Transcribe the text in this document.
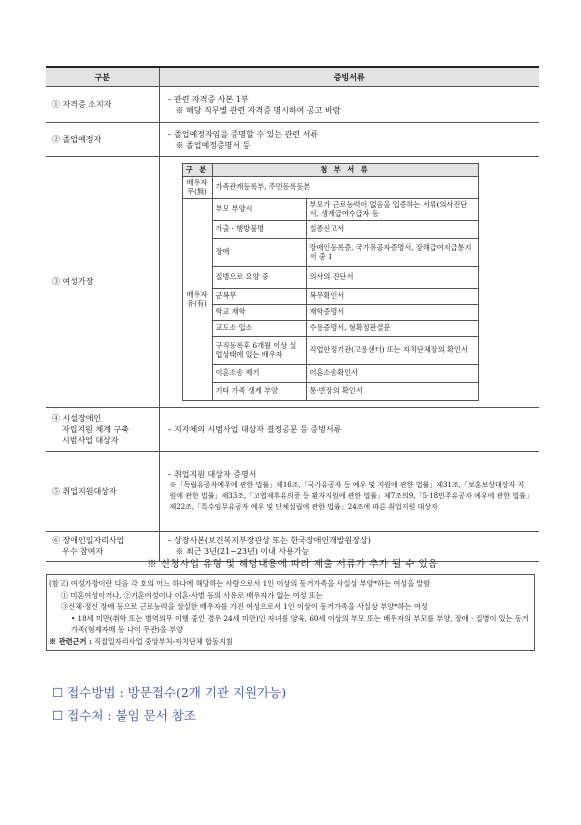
구분	증빙서류
① 자격증 소지자	
– 관련 자격증 사본 1부
※ 해당 직무별 관련 자격증 명시하여 공고 바람

② 졸업예정자	
– 졸업예정자임을 증명할 수 있는 관련 서류
※ 졸업예정증명서 등

③ 여성가장	
구 분	첨 부 서 류
배우자 무(無)	가족관계등록부, 주민등록등본
배우자 유(有)	부모 부양시	부모가 근로능력이 없음을 입증하는 서류(의사진단서, 생계급여수급자 등
가출 · 행방불명	실종신고서
장애	장애인등록증, 국가유공자증명서, 장해급여지급통지서 중 1
질병으로 요양 중	의사의 진단서
군복무	복무확인서
학교 재학	재학증명서
교도소 입소	수용증명서, 형확정판결문
구직등록후 6개월 이상 실업상태에 있는 배우자	직업안정기관(고용센터) 또는 자치단체장의 확인서
이혼소송 제기	이혼소송확인서
기타 가족 생계 부양	통·반장의 확인서

④ 시설장애인
자립지원 체계 구축
시범사업 대상자
	– 지자체의 시범사업 대상자 결정공문 등 증빙서류
⑤ 취업지원대상자	
– 취업지원 대상자 증명서
※「독립유공자예우에 관한 법률」제16조,「국가유공자 등 예우 및 지원에 관한 법률」제31조,「보훈보상대상자 지원에 관한 법률」제33조,「고엽제후유의증 등 환자지원에 관한 법률」제7조의9,「5·18민주유공자 예우에 관한 법률」제22조,「특수임무유공자 예우 및 단체설립에 관한 법률」24조에 따른 취업지원 대상자

⑥ 장애인일자리사업
우수 참여자

– 상장사본(보건복지부장관상 또는 한국장애인개발원장상)
※ 최근 3년(21~23년) 이내 사용가능
※ 신청사업 유형 및 해당내용에 따라 제출 서류가 추가 될 수 있음
(참고) 여성가장이란 다음 각 호의 어느 하나에 해당하는 사람으로서 1인 이상의 동거가족을 사실상 부양*하는 여성을 말함
① 미혼여성이거나, ②기혼여성이나 이혼·사별 등의 사유로 배우자가 없는 여성 또는
③신체·정신 장애 등으로 근로능력을 상실한 배우자를 가진 여성으로서 1인 이상이 동거가족을 사실상 부양*하는 여성
• 18세 미만(취학 또는 병역의무 이행 중인 경우 24세 미만)인 자녀를 양육, 60세 이상의 부모 또는 배우자의 부모를 부양, 장애 · 질병이 있는 동거가족(형제자매 등 나이 무관)을 부양
※ 관련근거 : 직접일자리사업 중앙부처-자치단체 합동지침
☐ 접수방법 : 방문접수(2개 기관 지원가능)
☐ 접수처 : 붙임 문서 참조
